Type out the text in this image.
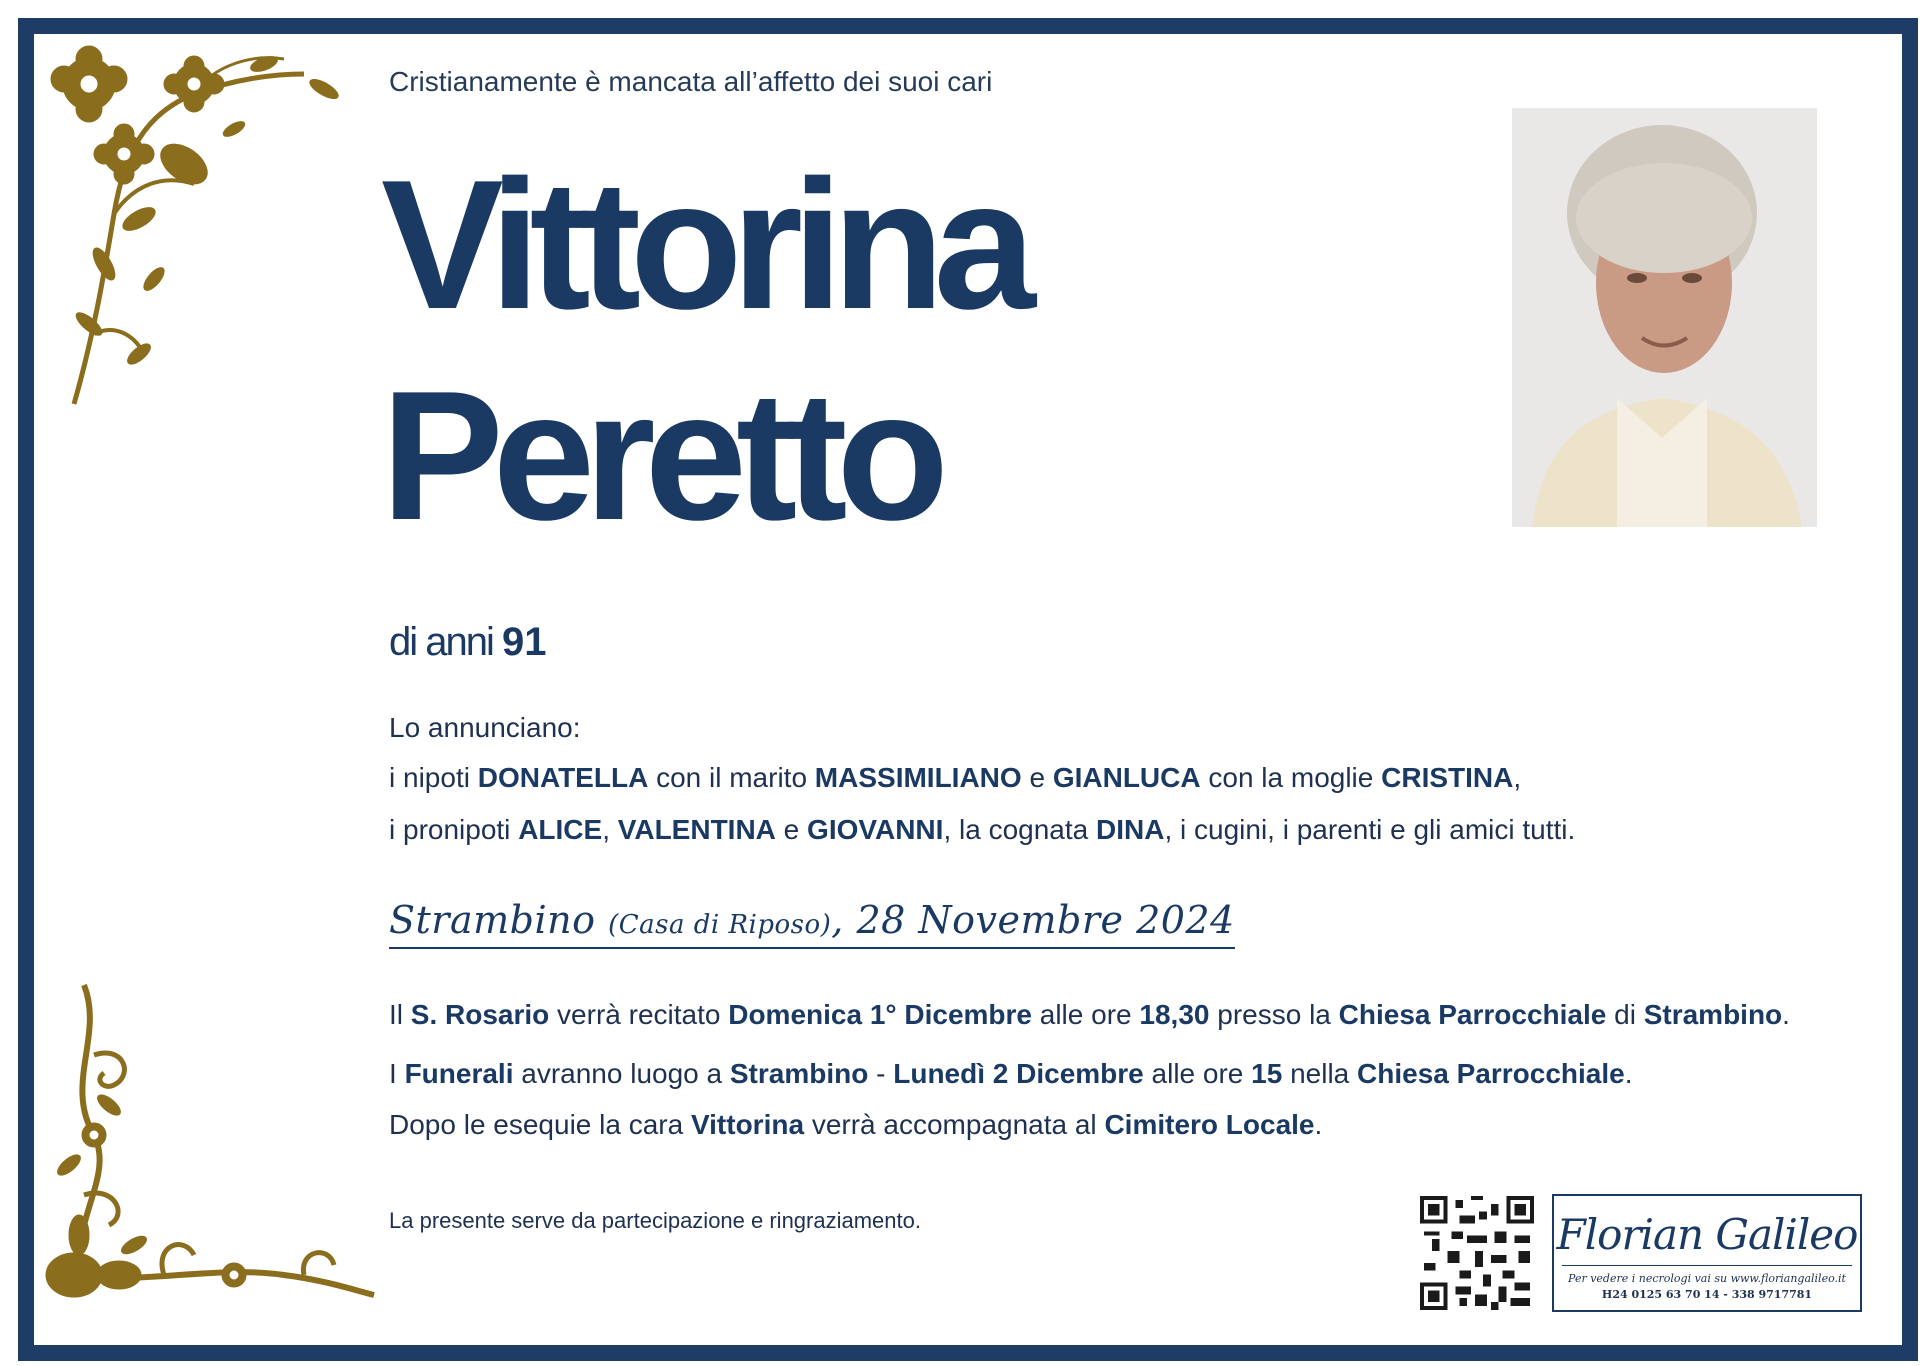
Cristianamente è mancata all’affetto dei suoi cari
Vittorina
Peretto
di anni 91
Lo annunciano:
i nipoti DONATELLA con il marito MASSIMILIANO e GIANLUCA con la moglie CRISTINA,
i pronipoti ALICE, VALENTINA e GIOVANNI, la cognata DINA, i cugini, i parenti e gli amici tutti.
Strambino (Casa di Riposo), 28 Novembre 2024
Il S. Rosario verrà recitato Domenica 1° Dicembre alle ore 18,30 presso la Chiesa Parrocchiale di Strambino.
I Funerali avranno luogo a Strambino - Lunedì 2 Dicembre alle ore 15 nella Chiesa Parrocchiale.
Dopo le esequie la cara Vittorina verrà accompagnata al Cimitero Locale.
La presente serve da partecipazione e ringraziamento.	Florian Galileo
Per vedere i necrologi vai su www.floriangalileo.it
H24 0125 63 70 14 - 338 9717781
